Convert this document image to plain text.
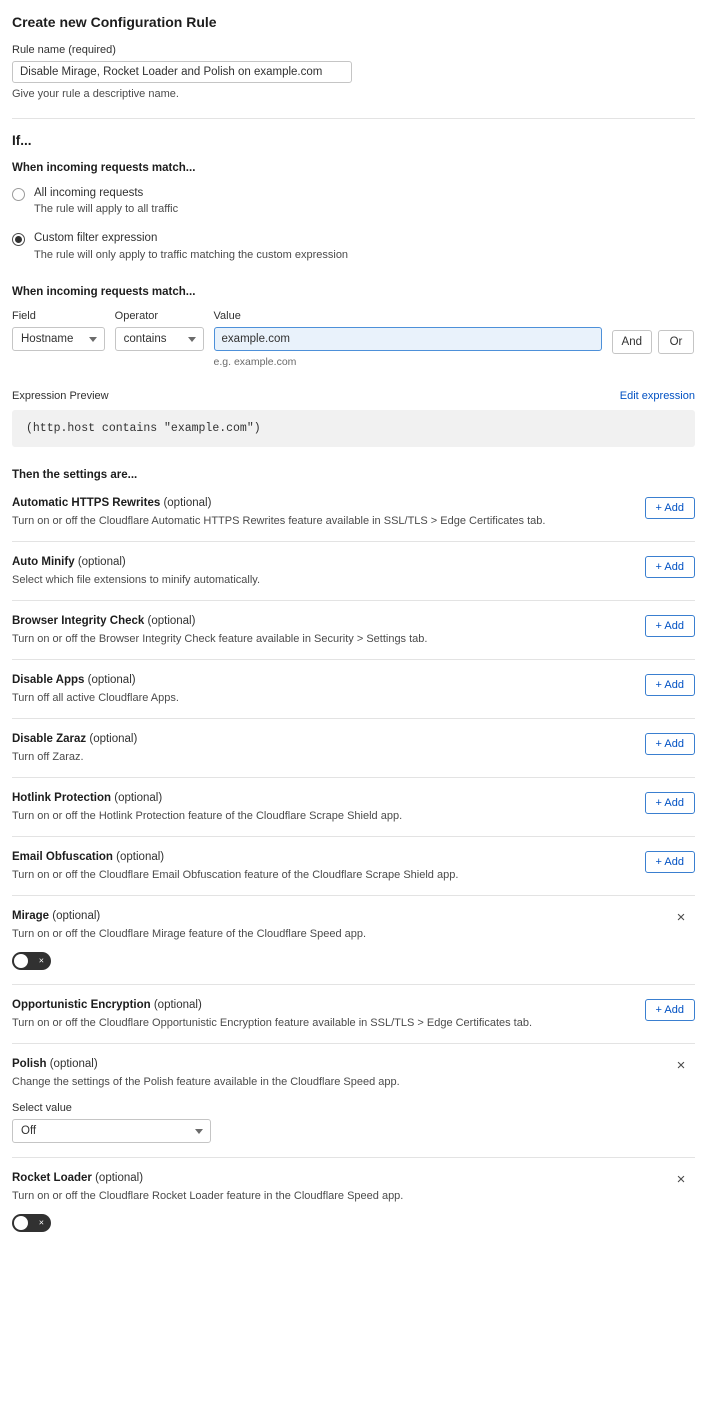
Create new Configuration Rule
Rule name (required)
Disable Mirage, Rocket Loader and Polish on example.com
Give your rule a descriptive name.
If...
When incoming requests match...
All incoming requests
The rule will apply to all traffic
Custom filter expression
The rule will only apply to traffic matching the custom expression
When incoming requests match...
Field
Hostname
Operator
contains
Value
example.com
e.g. example.com
And	Or
Expression Preview	Edit expression
(http.host contains "example.com")
Then the settings are...
Automatic HTTPS Rewrites (optional)
Turn on or off the Cloudflare Automatic HTTPS Rewrites feature available in SSL/TLS > Edge Certificates tab.
+ Add
Auto Minify (optional)
Select which file extensions to minify automatically.
+ Add
Browser Integrity Check (optional)
Turn on or off the Browser Integrity Check feature available in Security > Settings tab.
+ Add
Disable Apps (optional)
Turn off all active Cloudflare Apps.
+ Add
Disable Zaraz (optional)
Turn off Zaraz.
+ Add
Hotlink Protection (optional)
Turn on or off the Hotlink Protection feature of the Cloudflare Scrape Shield app.
+ Add
Email Obfuscation (optional)
Turn on or off the Cloudflare Email Obfuscation feature of the Cloudflare Scrape Shield app.
+ Add
Mirage (optional)
Turn on or off the Cloudflare Mirage feature of the Cloudflare Speed app.
×
×
Opportunistic Encryption (optional)
Turn on or off the Cloudflare Opportunistic Encryption feature available in SSL/TLS > Edge Certificates tab.
+ Add
Polish (optional)
Change the settings of the Polish feature available in the Cloudflare Speed app.
Select value
Off
×
Rocket Loader (optional)
Turn on or off the Cloudflare Rocket Loader feature in the Cloudflare Speed app.
×
×
